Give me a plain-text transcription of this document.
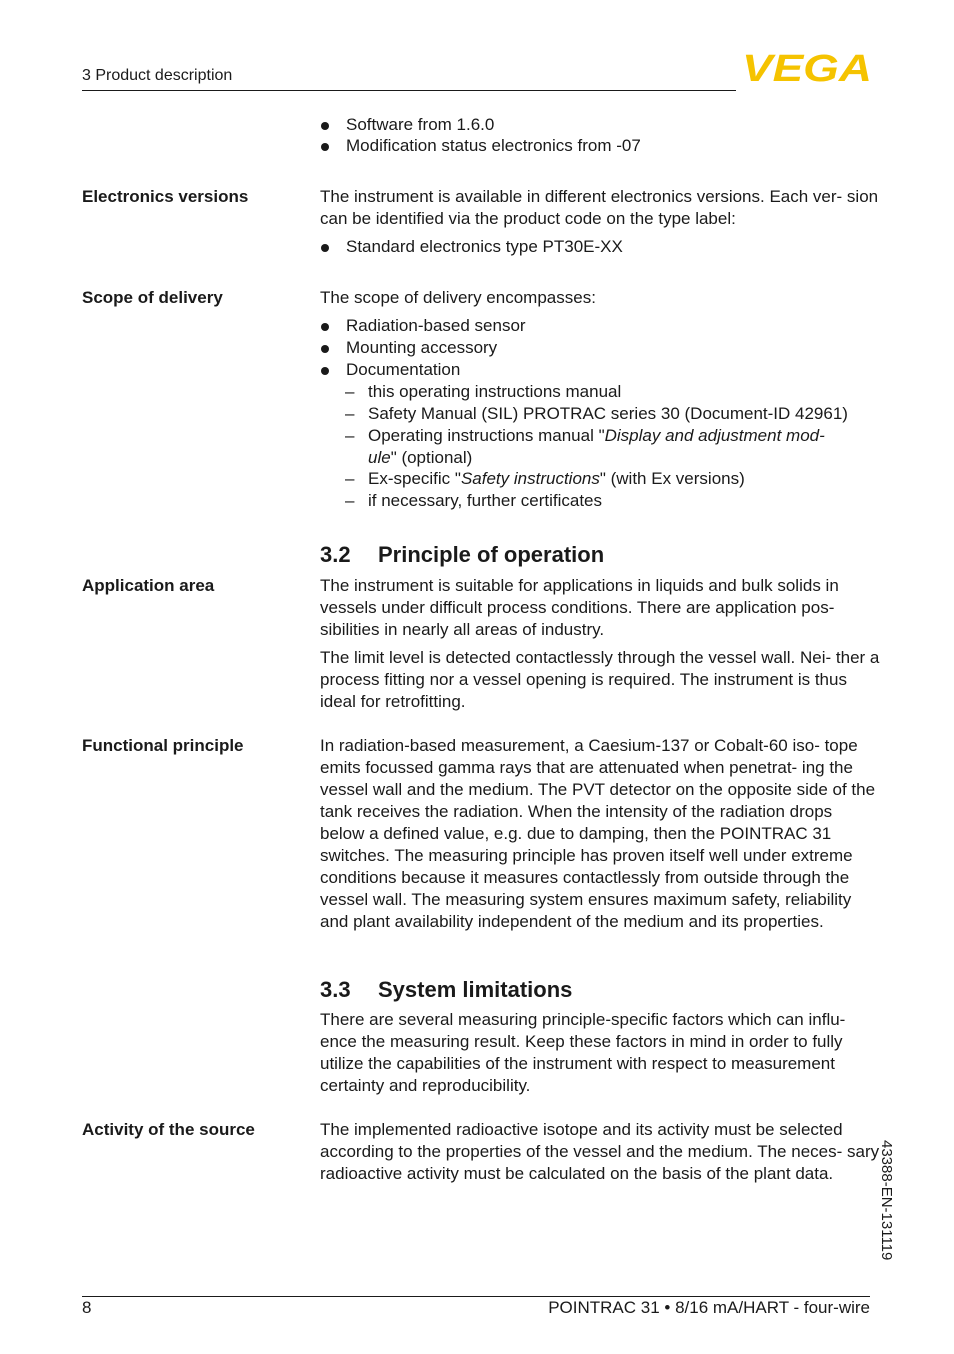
3 Product description	VEGA
Software from 1.6.0
Modification status electronics from -07
Electronics versions	The instrument is available in different electronics versions. Each ver- sion can be identified via the product code on the type label:

Standard electronics type PT30E-XX
Scope of delivery	The scope of delivery encompasses:

Radiation-based sensor
Mounting accessory
Documentation
– this operating instructions manual
– Safety Manual (SIL) PROTRAC series 30 (Document-ID 42961)
– Operating instructions manual "Display and adjustment mod- ule" (optional)
– Ex-specific "Safety instructions" (with Ex versions)
– if necessary, further certificates
3.2 Principle of operation
Application area	The instrument is suitable for applications in liquids and bulk solids in vessels under difficult process conditions. There are application pos- sibilities in nearly all areas of industry.

The limit level is detected contactlessly through the vessel wall. Nei- ther a process fitting nor a vessel opening is required. The instrument is thus ideal for retrofitting.

Functional principle	In radiation-based measurement, a Caesium-137 or Cobalt-60 iso- tope emits focussed gamma rays that are attenuated when penetrat- ing the vessel wall and the medium. The PVT detector on the opposite side of the tank receives the radiation. When the intensity of the radiation drops below a defined value, e.g. due to damping, then the POINTRAC 31 switches. The measuring principle has proven itself well under extreme conditions because it measures contactlessly from outside through the vessel wall. The measuring system ensures maximum safety, reliability and plant availability independent of the medium and its properties.

3.3 System limitations

There are several measuring principle-specific factors which can influ- ence the measuring result. Keep these factors in mind in order to fully utilize the capabilities of the instrument with respect to measurement certainty and reproducibility.

Activity of the source	The implemented radioactive isotope and its activity must be selected according to the properties of the vessel and the medium. The neces- sary radioactive activity must be calculated on the basis of the plant data.	43388-EN-131119
8	POINTRAC 31 • 8/16 mA/HART - four-wire
